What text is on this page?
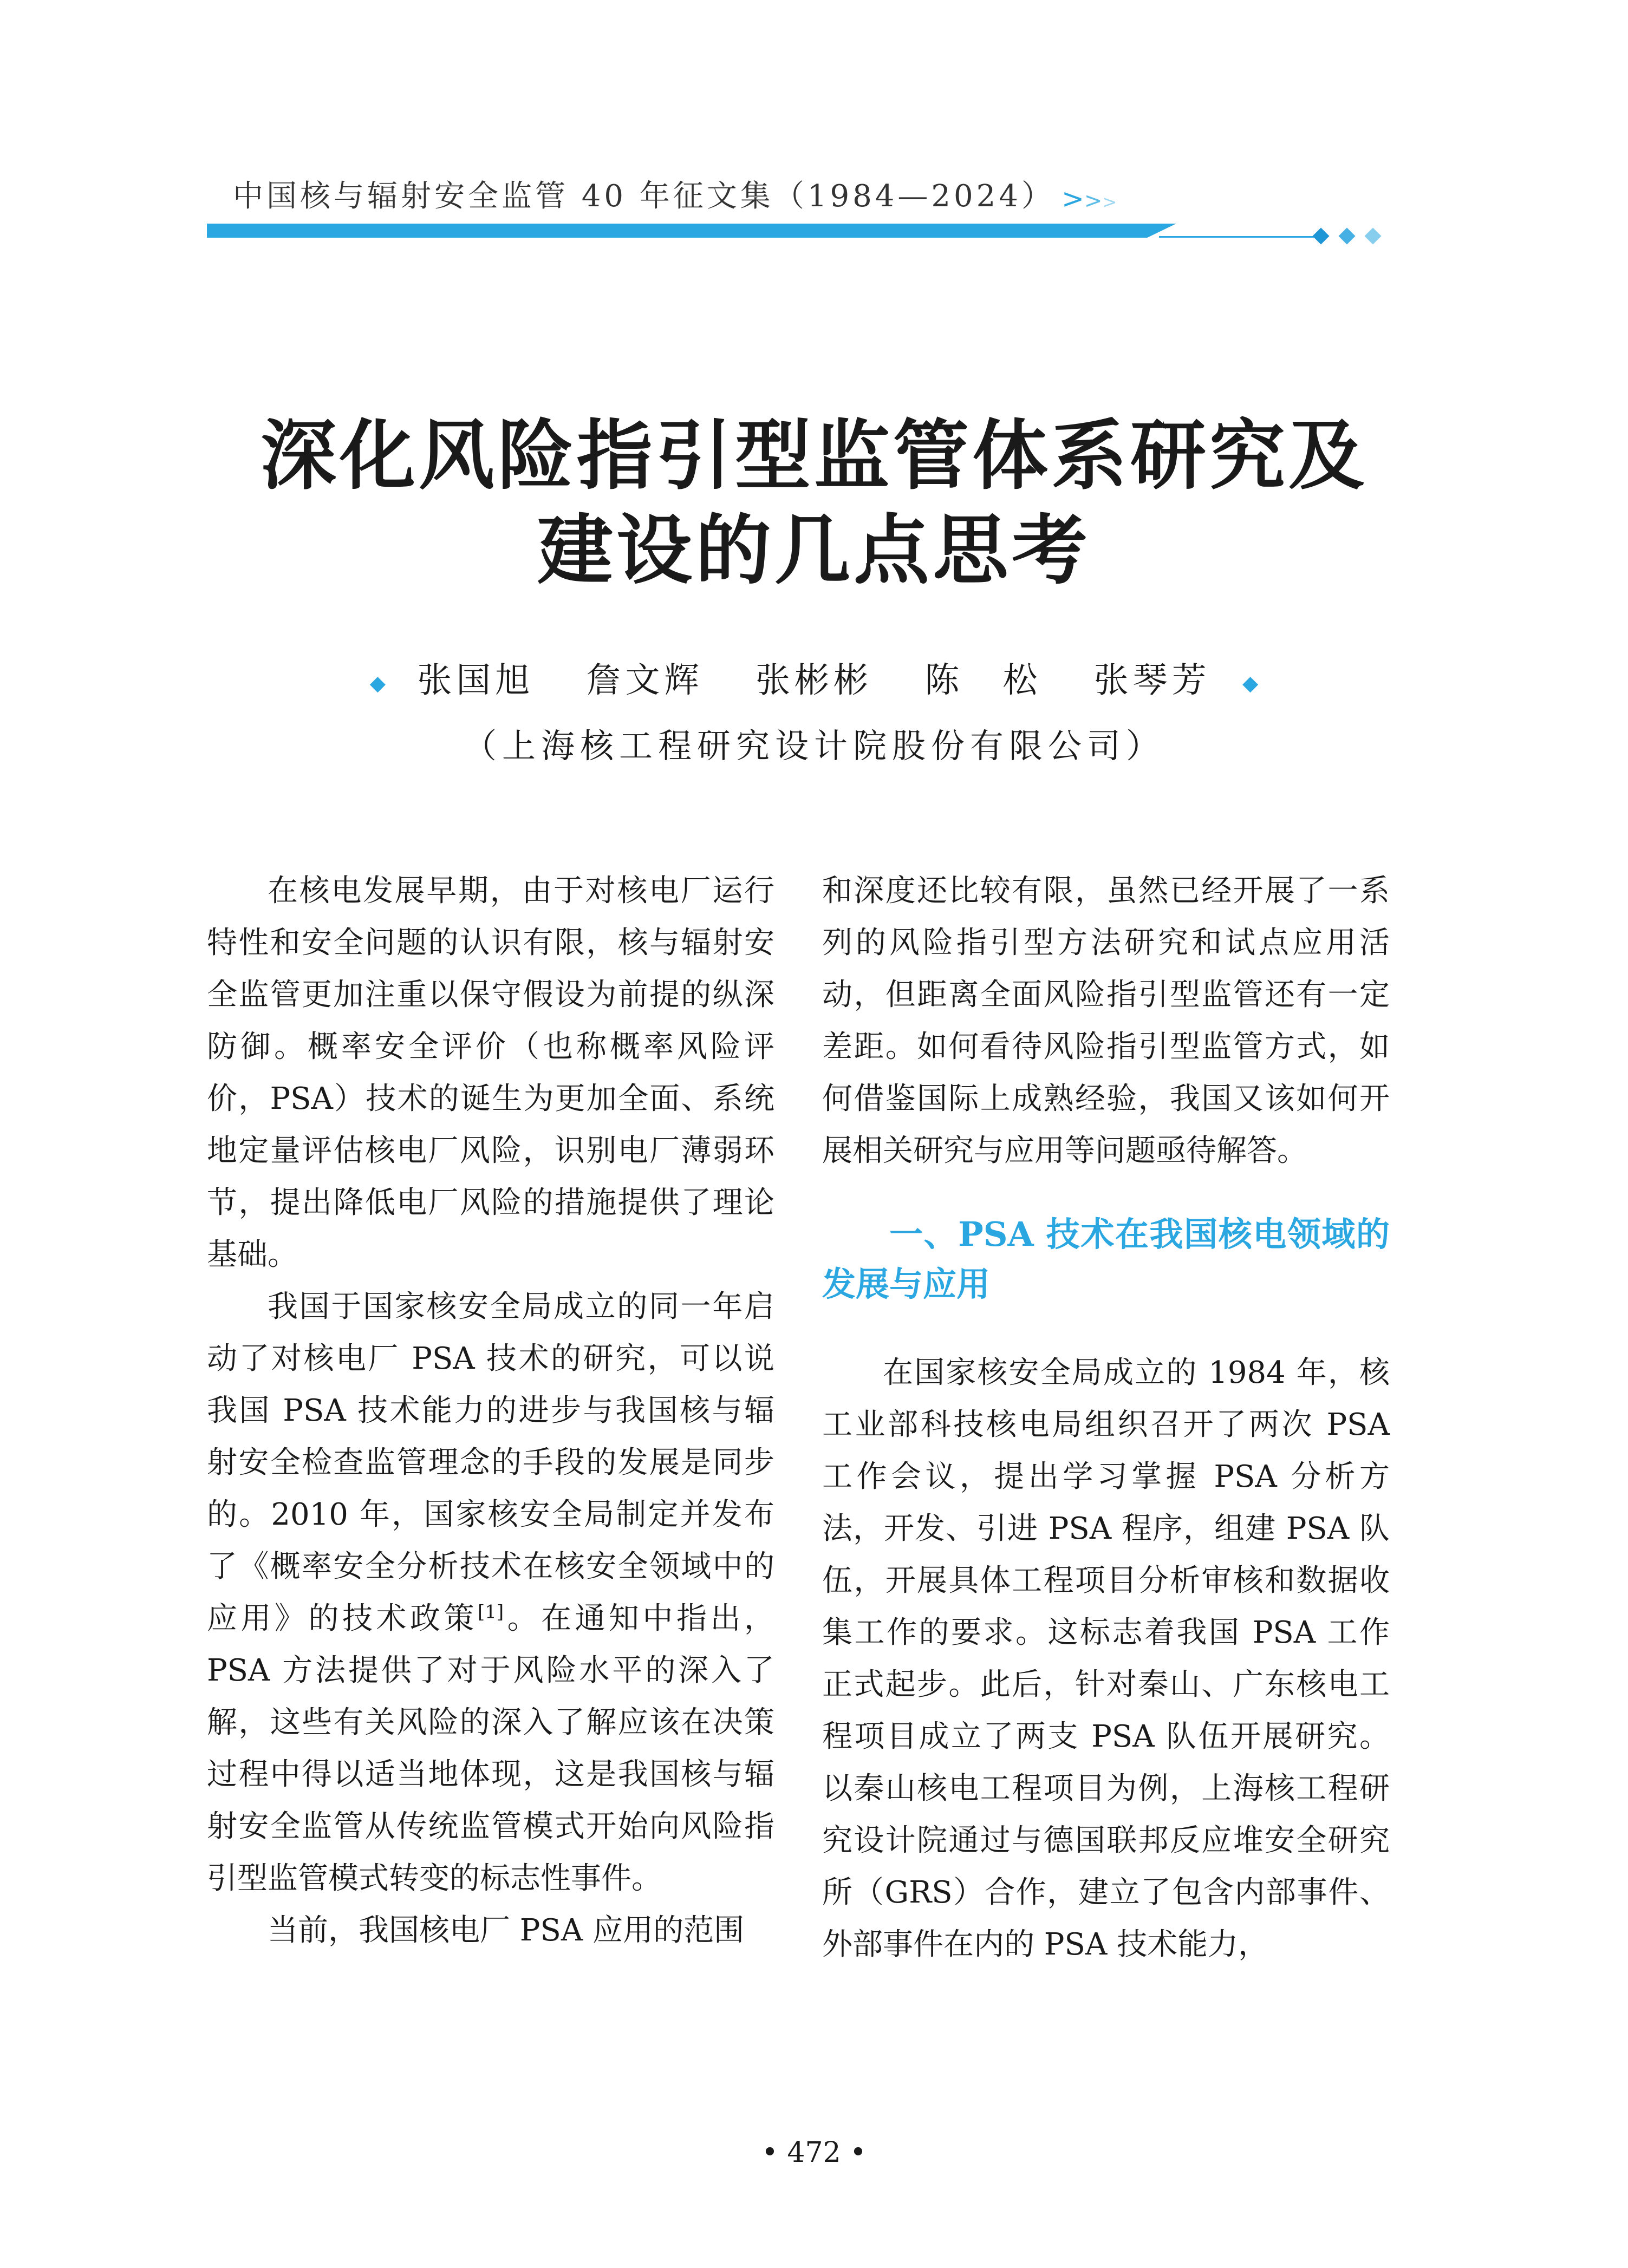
中国核与辐射安全监管 40 年征文集（1984—2024） >>>
深化风险指引型监管体系研究及
建设的几点思考
◆ 张国旭 詹文辉 张彬彬 陈　松 张琴芳 ◆
（上海核工程研究设计院股份有限公司）

在核电发展早期，由于对核电厂运行特性和安全问题的认识有限，核与辐射安全监管更加注重以保守假设为前提的纵深防御。概率安全评价（也称概率风险评价，PSA）技术的诞生为更加全面、系统地定量评估核电厂风险，识别电厂薄弱环节，提出降低电厂风险的措施提供了理论基础。

我国于国家核安全局成立的同一年启动了对核电厂 PSA 技术的研究，可以说我国 PSA 技术能力的进步与我国核与辐射安全检查监管理念的手段的发展是同步的。2010 年，国家核安全局制定并发布了《概率安全分析技术在核安全领域中的应用》的技术政策[1]。在通知中指出，PSA 方法提供了对于风险水平的深入了解，这些有关风险的深入了解应该在决策过程中得以适当地体现，这是我国核与辐射安全监管从传统监管模式开始向风险指引型监管模式转变的标志性事件。

当前，我国核电厂 PSA 应用的范围

和深度还比较有限，虽然已经开展了一系列的风险指引型方法研究和试点应用活动，但距离全面风险指引型监管还有一定差距。如何看待风险指引型监管方式，如何借鉴国际上成熟经验，我国又该如何开展相关研究与应用等问题亟待解答。

一、PSA 技术在我国核电领域的发展与应用

在国家核安全局成立的 1984 年，核工业部科技核电局组织召开了两次 PSA 工作会议，提出学习掌握 PSA 分析方法，开发、引进 PSA 程序，组建 PSA 队伍，开展具体工程项目分析审核和数据收集工作的要求。这标志着我国 PSA 工作正式起步。此后，针对秦山、广东核电工程项目成立了两支 PSA 队伍开展研究。以秦山核电工程项目为例，上海核工程研究设计院通过与德国联邦反应堆安全研究所（GRS）合作，建立了包含内部事件、外部事件在内的 PSA 技术能力，

• 472 •
